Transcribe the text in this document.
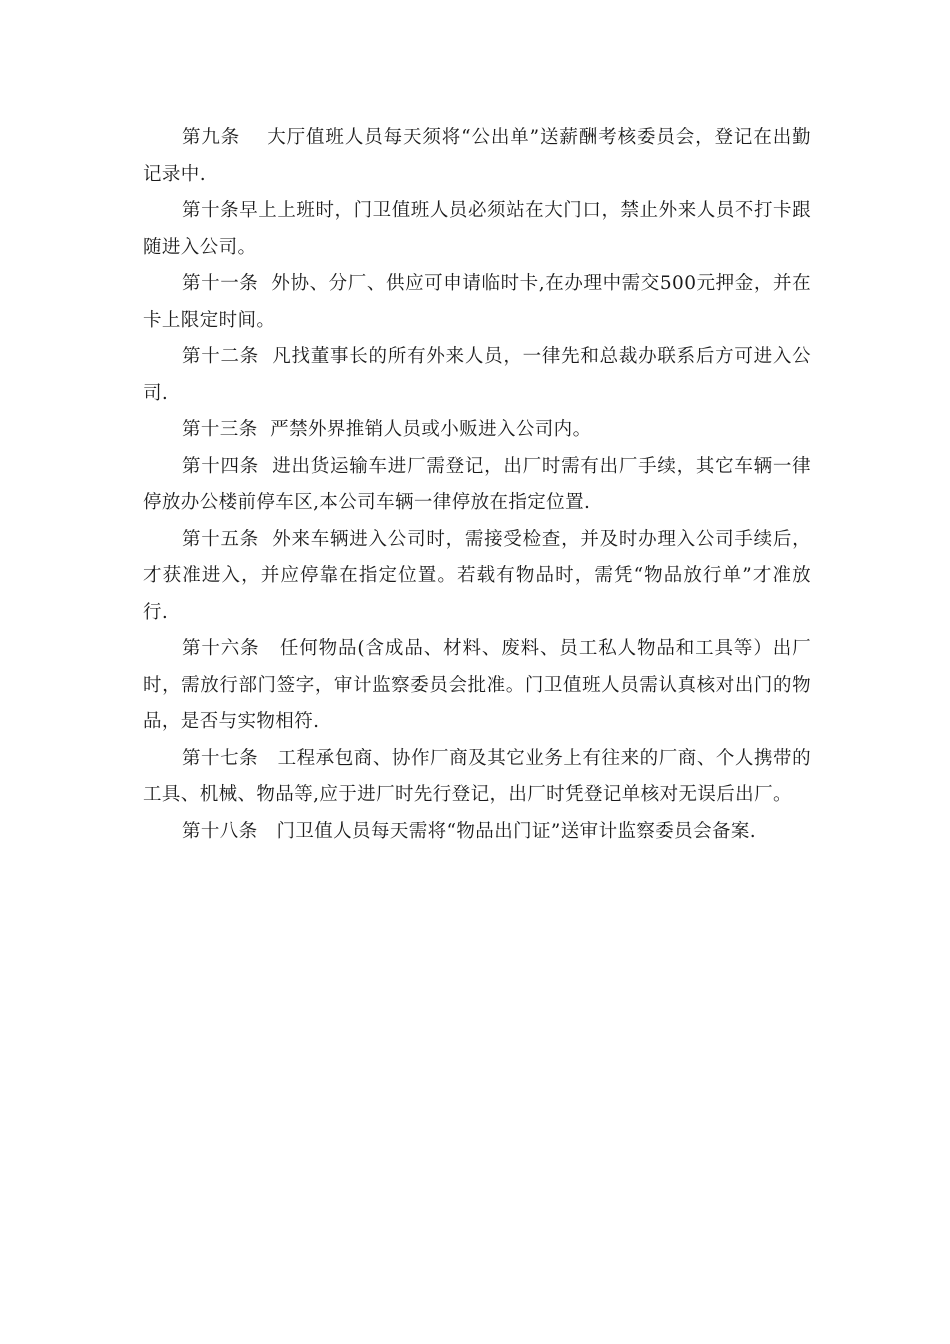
第九条 大厅值班人员每天须将“公出单”送薪酬考核委员会，登记在出勤记录中.

第十条早上上班时，门卫值班人员必须站在大门口，禁止外来人员不打卡跟随进入公司。

第十一条 外协、分厂、供应可申请临时卡,在办理中需交500元押金，并在卡上限定时间。

第十二条 凡找董事长的所有外来人员，一律先和总裁办联系后方可进入公司.

第十三条 严禁外界推销人员或小贩进入公司内。

第十四条 进出货运输车进厂需登记，出厂时需有出厂手续，其它车辆一律停放办公楼前停车区,本公司车辆一律停放在指定位置.

第十五条 外来车辆进入公司时，需接受检查，并及时办理入公司手续后，才获准进入，并应停靠在指定位置。若载有物品时，需凭“物品放行单”才准放行.

第十六条 任何物品(含成品、材料、废料、员工私人物品和工具等）出厂时，需放行部门签字，审计监察委员会批准。门卫值班人员需认真核对出门的物品，是否与实物相符.

第十七条 工程承包商、协作厂商及其它业务上有往来的厂商、个人携带的工具、机械、物品等,应于进厂时先行登记，出厂时凭登记单核对无误后出厂。

第十八条 门卫值人员每天需将“物品出门证”送审计监察委员会备案.
